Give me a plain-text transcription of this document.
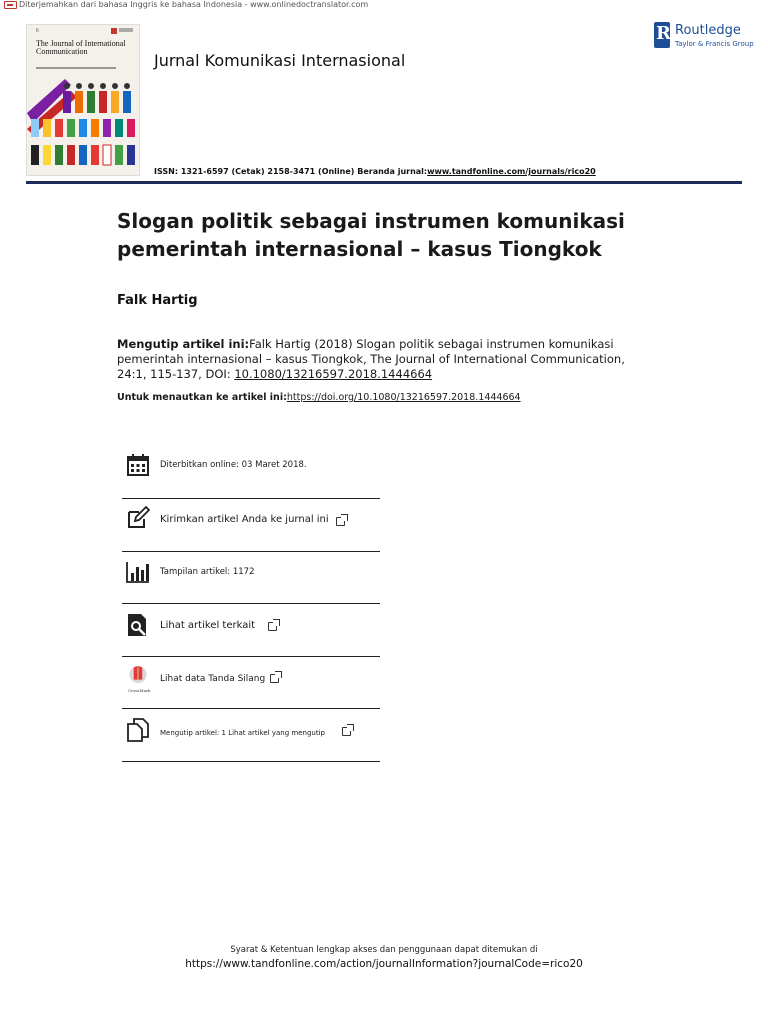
Diterjemahkan dari bahasa Inggris ke bahasa Indonesia - www.onlinedoctranslator.com
R
The Journal of International Communication	Jurnal Komunikasi Internasional
R
Routledge
Taylor & Francis Group
ISSN: 1321-6597 (Cetak) 2158-3471 (Online) Beranda jurnal:www.tandfonline.com/journals/rico20
Slogan politik sebagai instrumen komunikasi pemerintah internasional – kasus Tiongkok
Falk Hartig
Mengutip artikel ini:Falk Hartig (2018) Slogan politik sebagai instrumen komunikasi pemerintah internasional – kasus Tiongkok, The Journal of International Communication, 24:1, 115-137, DOI: 10.1080/13216597.2018.1444664
Untuk menautkan ke artikel ini:https://doi.org/10.1080/13216597.2018.1444664
Diterbitkan online: 03 Maret 2018.
Kirimkan artikel Anda ke jurnal ini
Tampilan artikel: 1172
Lihat artikel terkait
CrossMark
Lihat data Tanda Silang
Mengutip artikel: 1 Lihat artikel yang mengutip
Syarat & Ketentuan lengkap akses dan penggunaan dapat ditemukan di
https://www.tandfonline.com/action/journalInformation?journalCode=rico20
